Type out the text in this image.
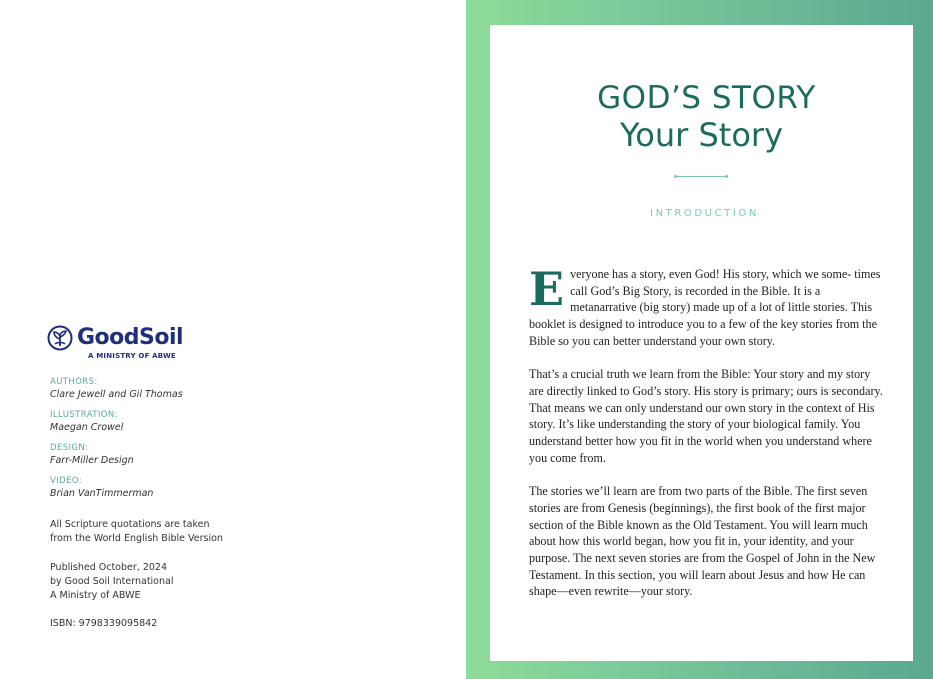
GoodSoil
A MINISTRY OF ABWE
AUTHORS:
Clare Jewell and Gil Thomas
ILLUSTRATION:
Maegan Crowel
DESIGN:
Farr-Miller Design
VIDEO:
Brian VanTimmerman
All Scripture quotations are taken
from the World English Bible Version
Published October, 2024
by Good Soil International
A Ministry of ABWE
ISBN: 9798339095842
GOD’S STORY
Your Story
INTRODUCTION

Everyone has a story, even God! His story, which we some- times call God’s Big Story, is recorded in the Bible. It is a metanarrative (big story) made up of a lot of little stories. This booklet is designed to introduce you to a few of the key stories from the Bible so you can better understand your own story.

That’s a crucial truth we learn from the Bible: Your story and my story are directly linked to God’s story. His story is primary; ours is secondary. That means we can only understand our own story in the context of His story. It’s like understanding the story of your biological family. You understand better how you fit in the world when you understand where you come from.

The stories we’ll learn are from two parts of the Bible. The first seven stories are from Genesis (beginnings), the first book of the first major section of the Bible known as the Old Testament. You will learn much about how this world began, how you fit in, your identity, and your purpose. The next seven stories are from the Gospel of John in the New Testament. In this section, you will learn about Jesus and how He can shape—even rewrite—your story.
